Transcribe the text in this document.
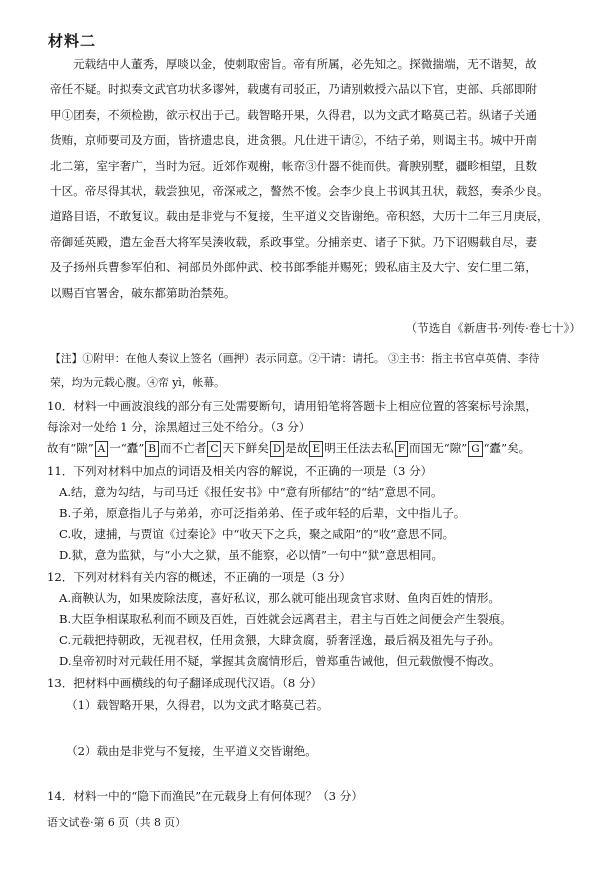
材料二
元载结中人董秀，厚啖以金，使刺取密旨。帝有所属，必先知之。探微揣端，无不谐契，故
帝任不疑。时拟奏文武官功状多谬舛，载虞有司驳正，乃请别敕授六品以下官，吏部、兵部即附
甲①团奏，不须检勘，欲示权出于己。载智略开果，久得君，以为文武才略莫己若。纵诸子关通
货贿，京师要司及方面，皆挤遗忠良，进贪猥。凡仕进干请②，不结子弟，则谒主书。城中开南
北二第，室宇奢广，当时为冠。近郊作观榭，帐帟③什器不徙而供。膏腴别墅，疆畛相望，且数
十区。帝尽得其状，载尝独见，帝深戒之，謷然不悛。会李少良上书讽其丑状，载怒，奏杀少良。
道路目语，不敢复议。载由是非党与不复接，生平道义交皆谢绝。帝积怒，大历十二年三月庚辰，
帝御延英殿，遣左金吾大将军吴湊收载，系政事堂。分捕亲吏、诸子下狱。乃下诏赐载自尽，妻
及子扬州兵曹参军伯和、祠部员外郎仲武、校书郎季能并赐死；毁私庙主及大宁、安仁里二第，
以赐百官署舍，破东都第助治禁苑。
（节选自《新唐书·列传·卷七十》）
【注】①附甲：在他人奏议上签名（画押）表示同意。②干请：请托。 ③主书：指主书官卓英倩、李待
荣，均为元载心腹。④帟 yì，帐幕。
10．材料一中画波浪线的部分有三处需要断句，请用铅笔将答题卡上相应位置的答案标号涂黑，
每涂对一处给 1 分，涂黑超过三处不给分。（3 分）
故有“隙” A 一“蠹” B 而不亡者 C 天下鲜矣 D 是故 E 明王任法去私 F 而国无“隙” G “蠹”矣。
11．下列对材料中加点的词语及相关内容的解说，不正确的一项是（3 分）
A.结，意为勾结，与司马迁《报任安书》中“意有所郁结”的“结”意思不同。
B.子弟，原意指儿子与弟弟，亦可泛指弟弟、侄子或年轻的后辈，文中指儿子。
C.收，逮捕，与贾谊《过秦论》中“收天下之兵，聚之咸阳”的“收”意思不同。
D.狱，意为监狱，与“小大之狱，虽不能察，必以情”一句中“狱”意思相同。
12．下列对材料有关内容的概述，不正确的一项是（3 分）
A.商鞅认为，如果废除法度，喜好私议，那么就可能出现贪官求财、鱼肉百姓的情形。
B.大臣争相谋取私利而不顾及百姓，百姓就会远离君主，君主与百姓之间便会产生裂痕。
C.元载把持朝政，无视君权，任用贪猥，大肆贪腐，骄奢淫逸，最后祸及祖先与子孙。
D.皇帝初时对元载任用不疑，掌握其贪腐情形后，曾郑重告诫他，但元载傲慢不悔改。
13．把材料中画横线的句子翻译成现代汉语。（8 分）
（1）载智略开果，久得君，以为文武才略莫己若。
（2）载由是非党与不复接，生平道义交皆谢绝。
14．材料一中的“隐下而渔民”在元载身上有何体现？（3 分）
语文试卷·第 6 页（共 8 页）
